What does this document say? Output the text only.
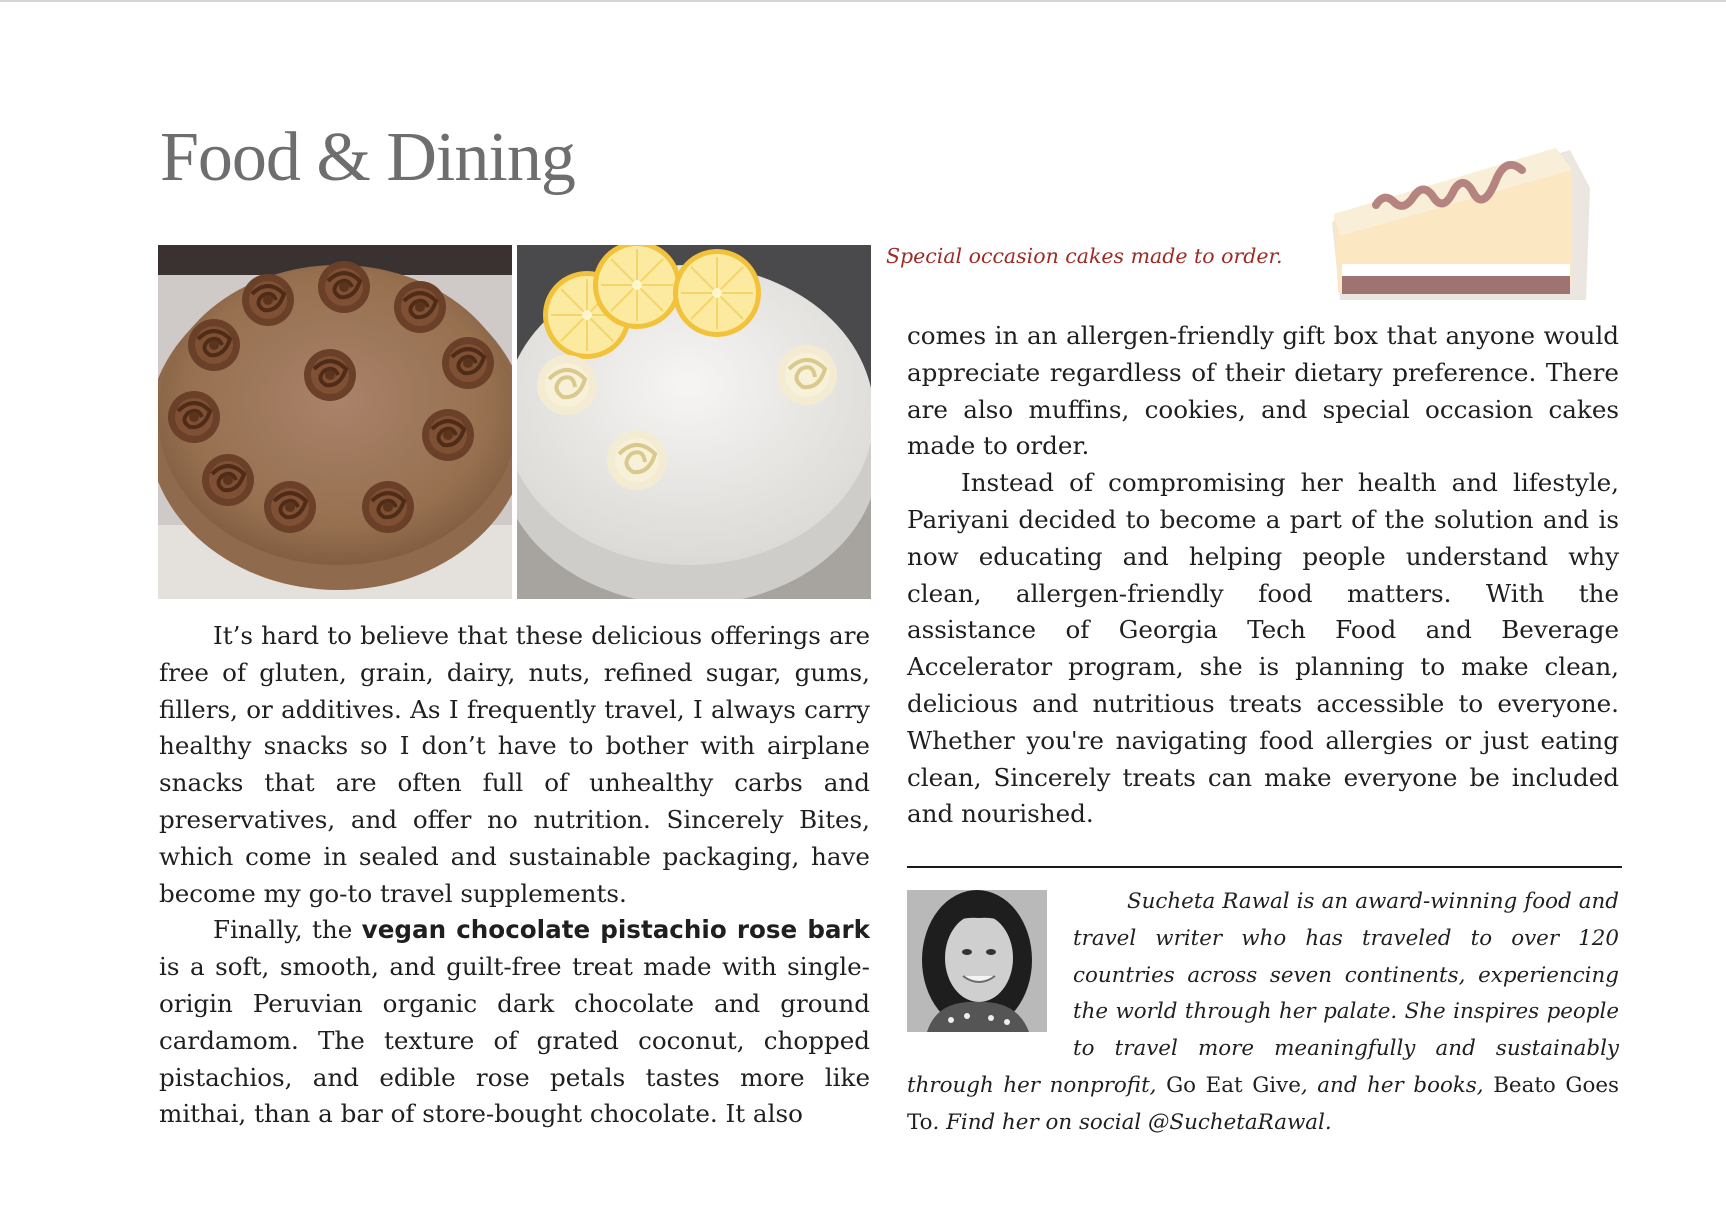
Food & Dining
Special occasion cakes made to order.

It’s hard to believe that these delicious offerings are free of gluten, grain, dairy, nuts, refined sugar, gums, fillers, or additives. As I frequently travel, I always carry healthy snacks so I don’t have to bother with airplane snacks that are often full of unhealthy carbs and preservatives, and offer no nutrition. Sincerely Bites, which come in sealed and sustainable packaging, have become my go-to travel supplements.

Finally, the vegan chocolate pistachio rose bark is a soft, smooth, and guilt-free treat made with single-origin Peruvian organic dark chocolate and ground cardamom. The texture of grated coconut, chopped pistachios, and edible rose petals tastes more like mithai, than a bar of store-bought chocolate. It also

comes in an allergen-friendly gift box that anyone would appreciate regardless of their dietary preference. There are also muffins, cookies, and special occasion cakes made to order.

Instead of compromising her health and lifestyle, Pariyani decided to become a part of the solution and is now educating and helping people understand why clean, allergen-friendly food matters. With the assistance of Georgia Tech Food and Beverage Accelerator program, she is planning to make clean, delicious and nutritious treats accessible to everyone. Whether you're navigating food allergies or just eating clean, Sincerely treats can make everyone be included and nourished.

Sucheta Rawal is an award-winning food and travel writer who has traveled to over 120 countries across seven continents, experiencing the world through her palate. She inspires people to travel more meaningfully and sustainably through her nonprofit, Go Eat Give, and her books, Beato Goes To. Find her on social @SuchetaRawal.
